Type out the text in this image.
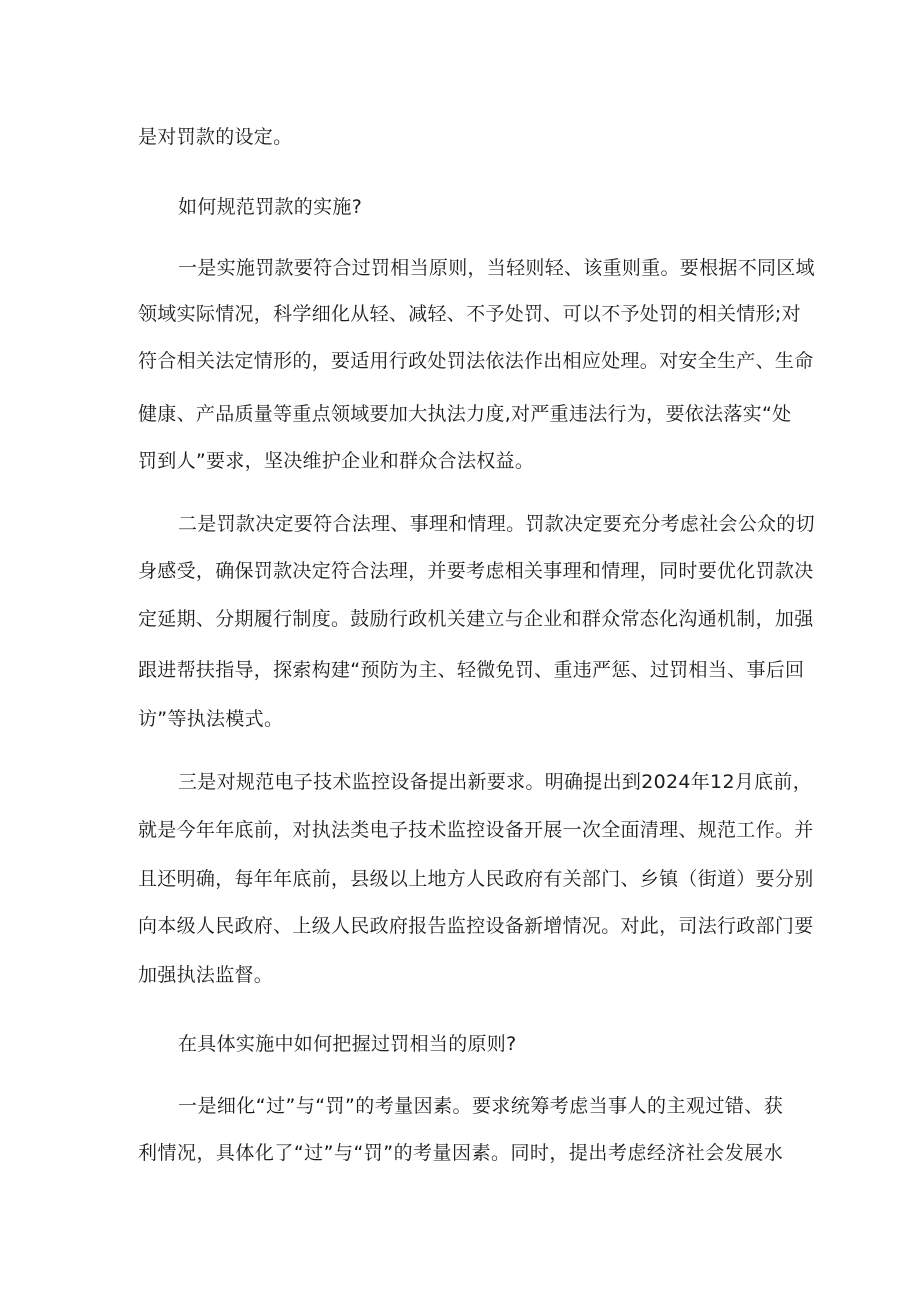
是对罚款的设定。
如何规范罚款的实施?
一是实施罚款要符合过罚相当原则，当轻则轻、该重则重。要根据不同区域
领域实际情况，科学细化从轻、减轻、不予处罚、可以不予处罚的相关情形;对
符合相关法定情形的，要适用行政处罚法依法作出相应处理。对安全生产、生命
健康、产品质量等重点领域要加大执法力度,对严重违法行为，要依法落实“处
罚到人”要求，坚决维护企业和群众合法权益。
二是罚款决定要符合法理、事理和情理。罚款决定要充分考虑社会公众的切
身感受，确保罚款决定符合法理，并要考虑相关事理和情理，同时要优化罚款决
定延期、分期履行制度。鼓励行政机关建立与企业和群众常态化沟通机制，加强
跟进帮扶指导，探索构建“预防为主、轻微免罚、重违严惩、过罚相当、事后回
访”等执法模式。
三是对规范电子技术监控设备提出新要求。明确提出到2024年12月底前，
就是今年年底前，对执法类电子技术监控设备开展一次全面清理、规范工作。并
且还明确，每年年底前，县级以上地方人民政府有关部门、乡镇（街道）要分别
向本级人民政府、上级人民政府报告监控设备新增情况。对此，司法行政部门要
加强执法监督。
在具体实施中如何把握过罚相当的原则?
一是细化“过”与“罚”的考量因素。要求统筹考虑当事人的主观过错、获
利情况，具体化了“过”与“罚”的考量因素。同时，提出考虑经济社会发展水
